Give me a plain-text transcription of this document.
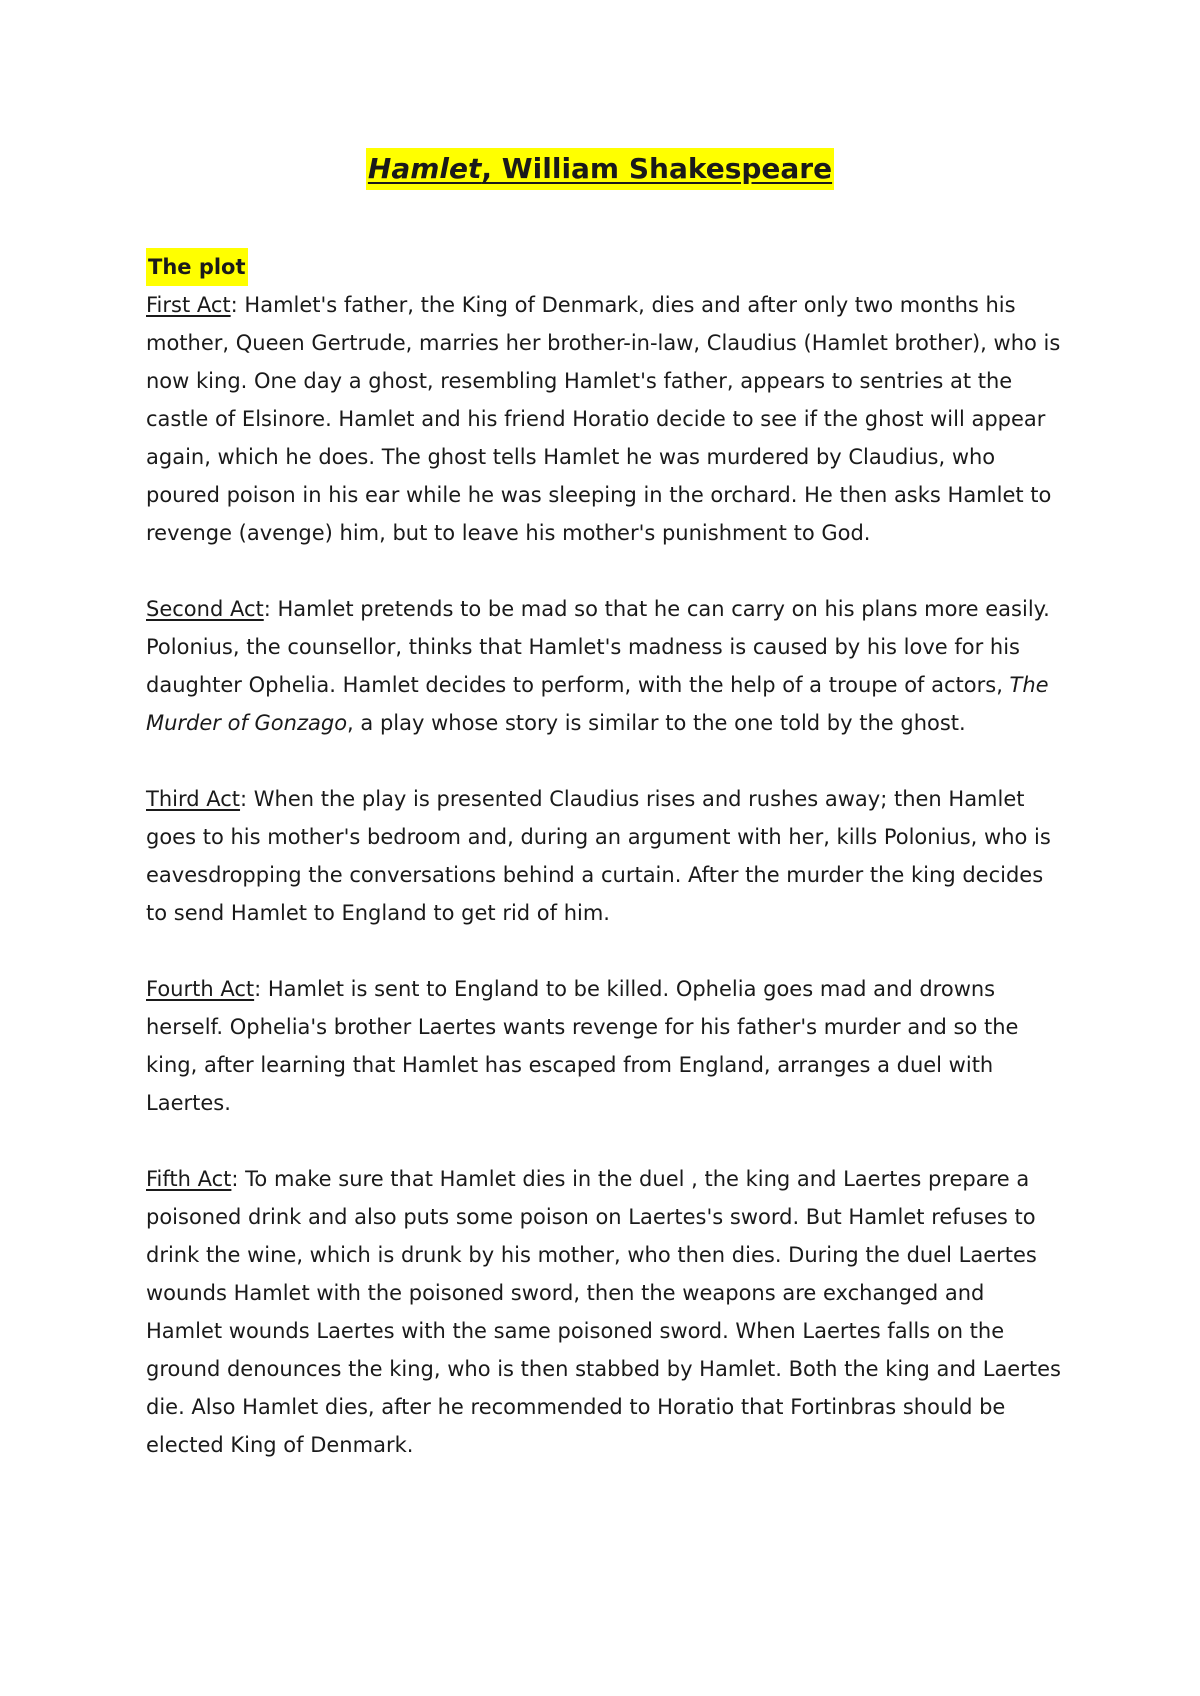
Hamlet, William Shakespeare
The plot

First Act: Hamlet's father, the King of Denmark, dies and after only two months his mother, Queen Gertrude, marries her brother-in-law, Claudius (Hamlet brother), who is now king. One day a ghost, resembling Hamlet's father, appears to sentries at the castle of Elsinore. Hamlet and his friend Horatio decide to see if the ghost will appear again, which he does. The ghost tells Hamlet he was murdered by Claudius, who poured poison in his ear while he was sleeping in the orchard. He then asks Hamlet to revenge (avenge) him, but to leave his mother's punishment to God.

Second Act: Hamlet pretends to be mad so that he can carry on his plans more easily. Polonius, the counsellor, thinks that Hamlet's madness is caused by his love for his daughter Ophelia. Hamlet decides to perform, with the help of a troupe of actors, The Murder of Gonzago, a play whose story is similar to the one told by the ghost.

Third Act: When the play is presented Claudius rises and rushes away; then Hamlet goes to his mother's bedroom and, during an argument with her, kills Polonius, who is eavesdropping the conversations behind a curtain. After the murder the king decides to send Hamlet to England to get rid of him.

Fourth Act: Hamlet is sent to England to be killed. Ophelia goes mad and drowns herself. Ophelia's brother Laertes wants revenge for his father's murder and so the king, after learning that Hamlet has escaped from England, arranges a duel with Laertes.

Fifth Act: To make sure that Hamlet dies in the duel , the king and Laertes prepare a poisoned drink and also puts some poison on Laertes's sword. But Hamlet refuses to drink the wine, which is drunk by his mother, who then dies. During the duel Laertes wounds Hamlet with the poisoned sword, then the weapons are exchanged and Hamlet wounds Laertes with the same poisoned sword. When Laertes falls on the ground denounces the king, who is then stabbed by Hamlet. Both the king and Laertes die. Also Hamlet dies, after he recommended to Horatio that Fortinbras should be elected King of Denmark.
